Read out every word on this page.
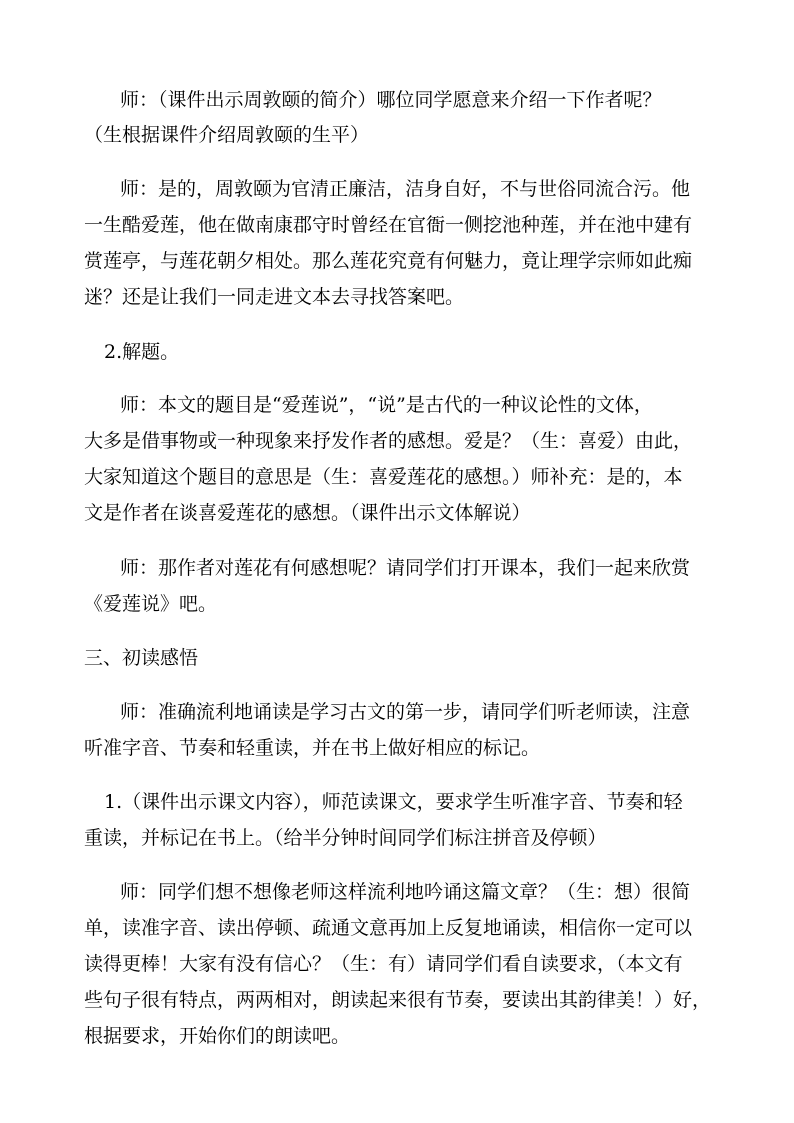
师：（课件出示周敦颐的简介）哪位同学愿意来介绍一下作者呢？
（生根据课件介绍周敦颐的生平）
师：是的，周敦颐为官清正廉洁，洁身自好，不与世俗同流合污。他
一生酷爱莲，他在做南康郡守时曾经在官衙一侧挖池种莲，并在池中建有
赏莲亭，与莲花朝夕相处。那么莲花究竟有何魅力，竟让理学宗师如此痴
迷？还是让我们一同走进文本去寻找答案吧。
2.解题。
师：本文的题目是“爱莲说”，“说”是古代的一种议论性的文体，
大多是借事物或一种现象来抒发作者的感想。爱是？（生：喜爱）由此，
大家知道这个题目的意思是（生：喜爱莲花的感想。）师补充：是的，本
文是作者在谈喜爱莲花的感想。（课件出示文体解说）
师：那作者对莲花有何感想呢？请同学们打开课本，我们一起来欣赏
《爱莲说》吧。
三、初读感悟
师：准确流利地诵读是学习古文的第一步，请同学们听老师读，注意
听准字音、节奏和轻重读，并在书上做好相应的标记。
1.（课件出示课文内容），师范读课文，要求学生听准字音、节奏和轻
重读，并标记在书上。（给半分钟时间同学们标注拼音及停顿）
师：同学们想不想像老师这样流利地吟诵这篇文章？（生：想）很简
单，读准字音、读出停顿、疏通文意再加上反复地诵读，相信你一定可以
读得更棒！大家有没有信心？（生：有）请同学们看自读要求，（本文有
些句子很有特点，两两相对，朗读起来很有节奏，要读出其韵律美！）好，
根据要求，开始你们的朗读吧。
